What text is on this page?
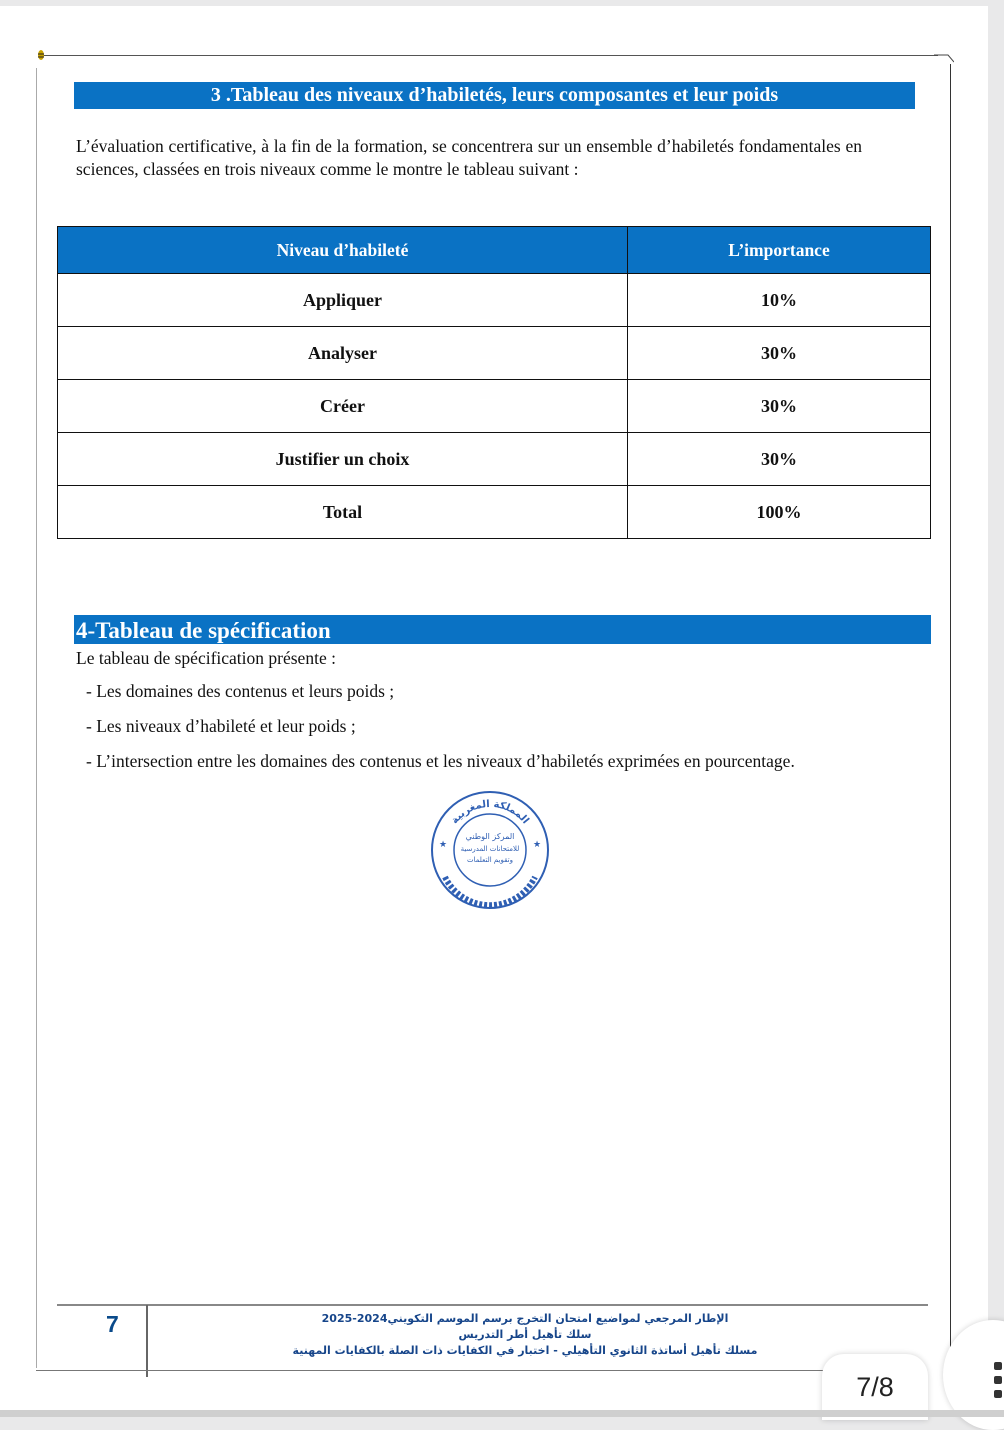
3 .Tableau des niveaux d’habiletés, leurs composantes et leur poids
L’évaluation certificative, à la fin de la formation, se concentrera sur un ensemble d’habiletés fondamentales en sciences, classées en trois niveaux comme le montre le tableau suivant :
Niveau d’habileté	L’importance
Appliquer	10%
Analyser	30%
Créer	30%
Justifier un choix	30%
Total	100%
4-Tableau de spécification
Le tableau de spécification présente :
- Les domaines des contenus et leurs poids ;
- Les niveaux d’habileté et leur poids ;
- L’intersection entre les domaines des contenus et les niveaux d’habiletés exprimées en pourcentage.
المملكة المغربية
المركز الوطني
للامتحانات المدرسية
وتقويم التعلمات
★	★
7	الإطار المرجعي لمواضيع امتحان التخرج برسم الموسم التكويني2024-2025
سلك تأهيل أطر التدريس
مسلك تأهيل أساتذة الثانوي التأهيلي - اختبار في الكفايات ذات الصلة بالكفايات المهنية
7/8
